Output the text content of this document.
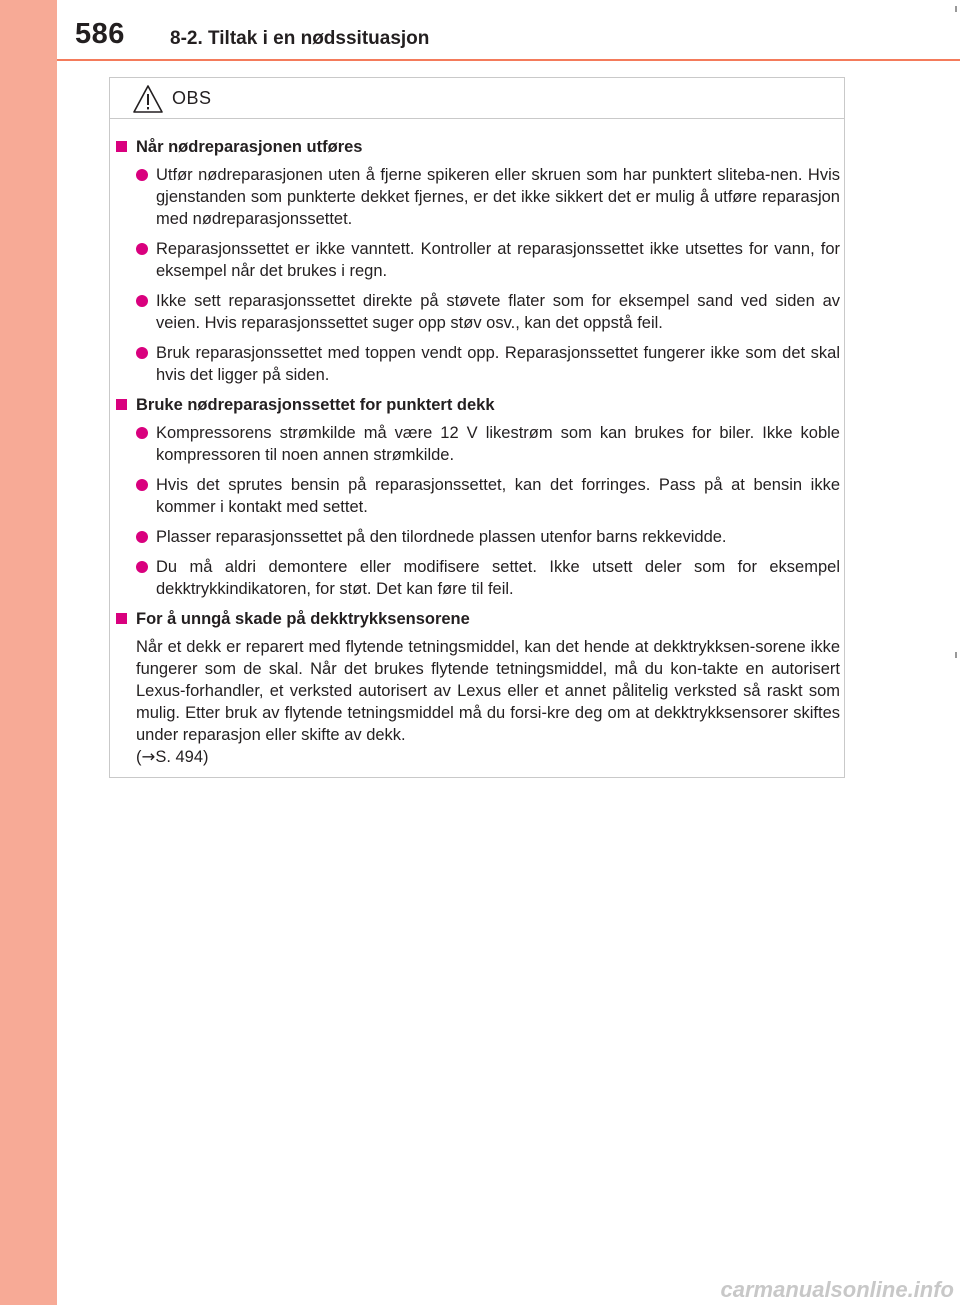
586 8-2. Tiltak i en nødssituasjon
OBS
Når nødreparasjonen utføres
Utfør nødreparasjonen uten å fjerne spikeren eller skruen som har punktert sliteba-nen. Hvis gjenstanden som punkterte dekket fjernes, er det ikke sikkert det er mulig å utføre reparasjon med nødreparasjonssettet.
Reparasjonssettet er ikke vanntett. Kontroller at reparasjonssettet ikke utsettes for vann, for eksempel når det brukes i regn.
Ikke sett reparasjonssettet direkte på støvete flater som for eksempel sand ved siden av veien. Hvis reparasjonssettet suger opp støv osv., kan det oppstå feil.
Bruk reparasjonssettet med toppen vendt opp. Reparasjonssettet fungerer ikke som det skal hvis det ligger på siden.
Bruke nødreparasjonssettet for punktert dekk
Kompressorens strømkilde må være 12 V likestrøm som kan brukes for biler. Ikke koble kompressoren til noen annen strømkilde.
Hvis det sprutes bensin på reparasjonssettet, kan det forringes. Pass på at bensin ikke kommer i kontakt med settet.
Plasser reparasjonssettet på den tilordnede plassen utenfor barns rekkevidde.
Du må aldri demontere eller modifisere settet. Ikke utsett deler som for eksempel dekktrykkindikatoren, for støt. Det kan føre til feil.
For å unngå skade på dekktrykksensorene
Når et dekk er reparert med flytende tetningsmiddel, kan det hende at dekktrykksen-sorene ikke fungerer som de skal. Når det brukes flytende tetningsmiddel, må du kon-takte en autorisert Lexus-forhandler, et verksted autorisert av Lexus eller et annet pålitelig verksted så raskt som mulig. Etter bruk av flytende tetningsmiddel må du forsi-kre deg om at dekktrykksensorer skiftes under reparasjon eller skifte av dekk.
(→S. 494)
carmanualsonline.info
